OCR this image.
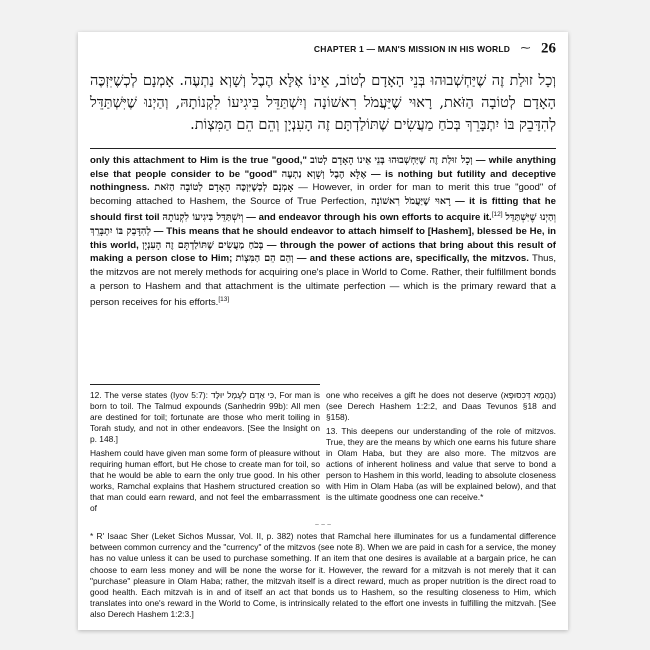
CHAPTER 1 — MAN'S MISSION IN HIS WORLD ⁓ 26
וְכָל זוּלַת זֶה שֶׁיַּחְשְׁבוּהוּ בְּנֵי הָאָדָם לְטוֹב, אֵינוֹ אֶלָּא הֶבֶל וְשָׁוְא נַתְעֶה. אָמְנָם לְכְשֶׁיִּזְכֶּה הָאָדָם לְטוֹבָה הַזֹּאת, רָאוּי שֶׁיַּעֲמֹל רִאשׁוֹנָה וְיִשְׁתַּדֵּל בִּיגִיעוֹ לִקְנוֹתָהּ, וְהַיְנוּ שֶׁיִּשְׁתַּדֵּל לְהִדָּבֵק בּוֹ יִתְבָּרֵךְ בְּכֹחַ מַעֲשִׂים שֶׁתּוֹלַדְתָּם זֶה הָעִנְיָן וְהֵם הֵם הַמִּצְוֹת.
only this attachment to Him is the true "good,"	וְכָל זוּלַת זֶה שֶׁיַּחְשְׁבוּהוּ בְּנֵי אֵינוֹ הָאָדָם לְטוֹב	— while anything else that people consider to be "good" אֶלָּא הֶבֶל וְשָׁוְא נַתְעֶה — is nothing but futility and deceptive nothingness. אָמְנָם לְכְשֶׁיִּזְכֶּה הָאָדָם לְטוֹבָה הַזֹּאת — However, in order for man to merit this true "good" of becoming attached to Hashem, the Source of True Perfection, רָאוּי שֶׁיַּעֲמֹל רִאשׁוֹנָה — it is fitting that he should first toil וְיִשְׁתַּדֵּל בִּיגִיעוֹ לִקְנוֹתָהּ — and endeavor through his own efforts to acquire it.[12] וְהַיְנוּ שֶׁיִּשְׁתַּדֵּל לְהִדָּבֵק בּוֹ יִתְבָּרֵךְ — This means that he should endeavor to attach himself to [Hashem], blessed be He, in this world, בְּכֹחַ מַעֲשִׂים שֶׁתּוֹלַדְתָּם זֶה הָעִנְיָן — through the power of actions that bring about this result of making a person close to Him; וְהֵם הֵם הַמִּצְוֹת — and these actions are, specifically, the mitzvos. Thus, the mitzvos are not merely methods for acquiring one's place in World to Come. Rather, their fulfillment bonds a person to Hashem and that attachment is the ultimate perfection — which is the primary reward that a person receives for his efforts.[13]

12. The verse states (Iyov 5:7): כִּי אָדָם לְעָמָל יוּלָּד, For man is born to toil. The Talmud expounds (Sanhedrin 99b): All men are destined for toil; fortunate are those who merit toiling in Torah study, and not in other endeavors. [See the Insight on p. 148.]

Hashem could have given man some form of pleasure without requiring human effort, but He chose to create man for toil, so that he would be able to earn the only true good. In his other works, Ramchal explains that Hashem structured creation so that man could earn reward, and not feel the embarrassment of

one who receives a gift he does not deserve (נַהֲמָא דְּכִסּוּפָא) (see Derech Hashem 1:2:2, and Daas Tevunos §18 and §158).

13. This deepens our understanding of the role of mitzvos. True, they are the means by which one earns his future share in Olam Haba, but they are also more. The mitzvos are actions of inherent holiness and value that serve to bond a person to Hashem in this world, leading to absolute closeness with Him in Olam Haba (as will be explained below), and that is the ultimate goodness one can receive.*

~ ~ ~
* R' Isaac Sher (Leket Sichos Mussar, Vol. II, p. 382) notes that Ramchal here illuminates for us a fundamental difference between common currency and the "currency" of the mitzvos (see note 8). When we are paid in cash for a service, the money has no value unless it can be used to purchase something. If an item that one desires is available at a bargain price, he can choose to earn less money and will be none the worse for it. However, the reward for a mitzvah is not merely that it can "purchase" pleasure in Olam Haba; rather, the mitzvah itself is a direct reward, much as proper nutrition is the direct road to good health. Each mitzvah is in and of itself an act that bonds us to Hashem, so the resulting closeness to Him, which translates into one's reward in the World to Come, is intrinsically related to the effort one invests in fulfilling the mitzvah. [See also Derech Hashem 1:2:3.]
